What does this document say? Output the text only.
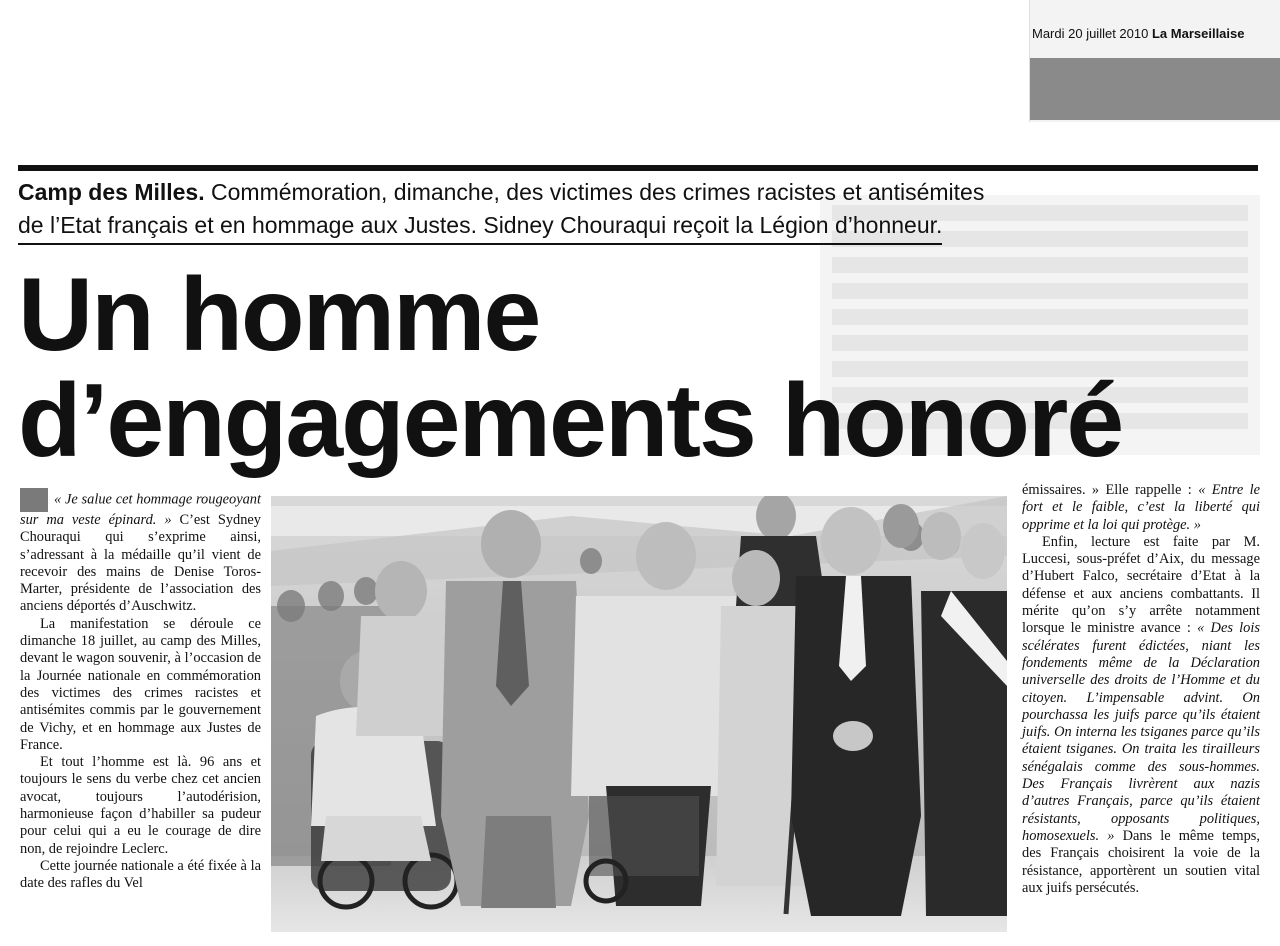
Mardi 20 juillet 2010 La Marseillaise
Camp des Milles. Commémoration, dimanche, des victimes des crimes racistes et antisémites
de l’Etat français et en hommage aux Justes. Sidney Chouraqui reçoit la Légion d’honneur.
Un homme
d’engagements honoré

« Je salue cet hommage rougeoyant sur ma veste épinard. » C’est Sydney Chouraqui qui s’exprime ainsi, s’adressant à la médaille qu’il vient de recevoir des mains de Denise Toros-Marter, présidente de l’association des anciens déportés d’Auschwitz.

La manifestation se déroule ce dimanche 18 juillet, au camp des Milles, devant le wagon souvenir, à l’occasion de la Journée nationale en commémoration des victimes des crimes racistes et antisémites commis par le gouvernement de Vichy, et en hommage aux Justes de France.

Et tout l’homme est là. 96 ans et toujours le sens du verbe chez cet ancien avocat, toujours l’autodérision, harmonieuse façon d’habiller sa pudeur pour celui qui a eu le courage de dire non, de rejoindre Leclerc.

Cette journée nationale a été fixée à la date des rafles du Vel

émissaires. » Elle rappelle : « Entre le fort et le faible, c’est la liberté qui opprime et la loi qui protège. »

Enfin, lecture est faite par M. Luccesi, sous-préfet d’Aix, du message d’Hubert Falco, secrétaire d’Etat à la défense et aux anciens combattants. Il mérite qu’on s’y arrête notamment lorsque le ministre avance : « Des lois scélérates furent édictées, niant les fondements même de la Déclaration universelle des droits de l’Homme et du citoyen. L’impensable advint. On pourchassa les juifs parce qu’ils étaient juifs. On interna les tsiganes parce qu’ils étaient tsiganes. On traita les tirailleurs sénégalais comme des sous-hommes. Des Français livrèrent aux nazis d’autres Français, parce qu’ils étaient résistants, opposants politiques, homosexuels. » Dans le même temps, des Français choisirent la voie de la résistance, apportèrent un soutien vital aux juifs persécutés.
